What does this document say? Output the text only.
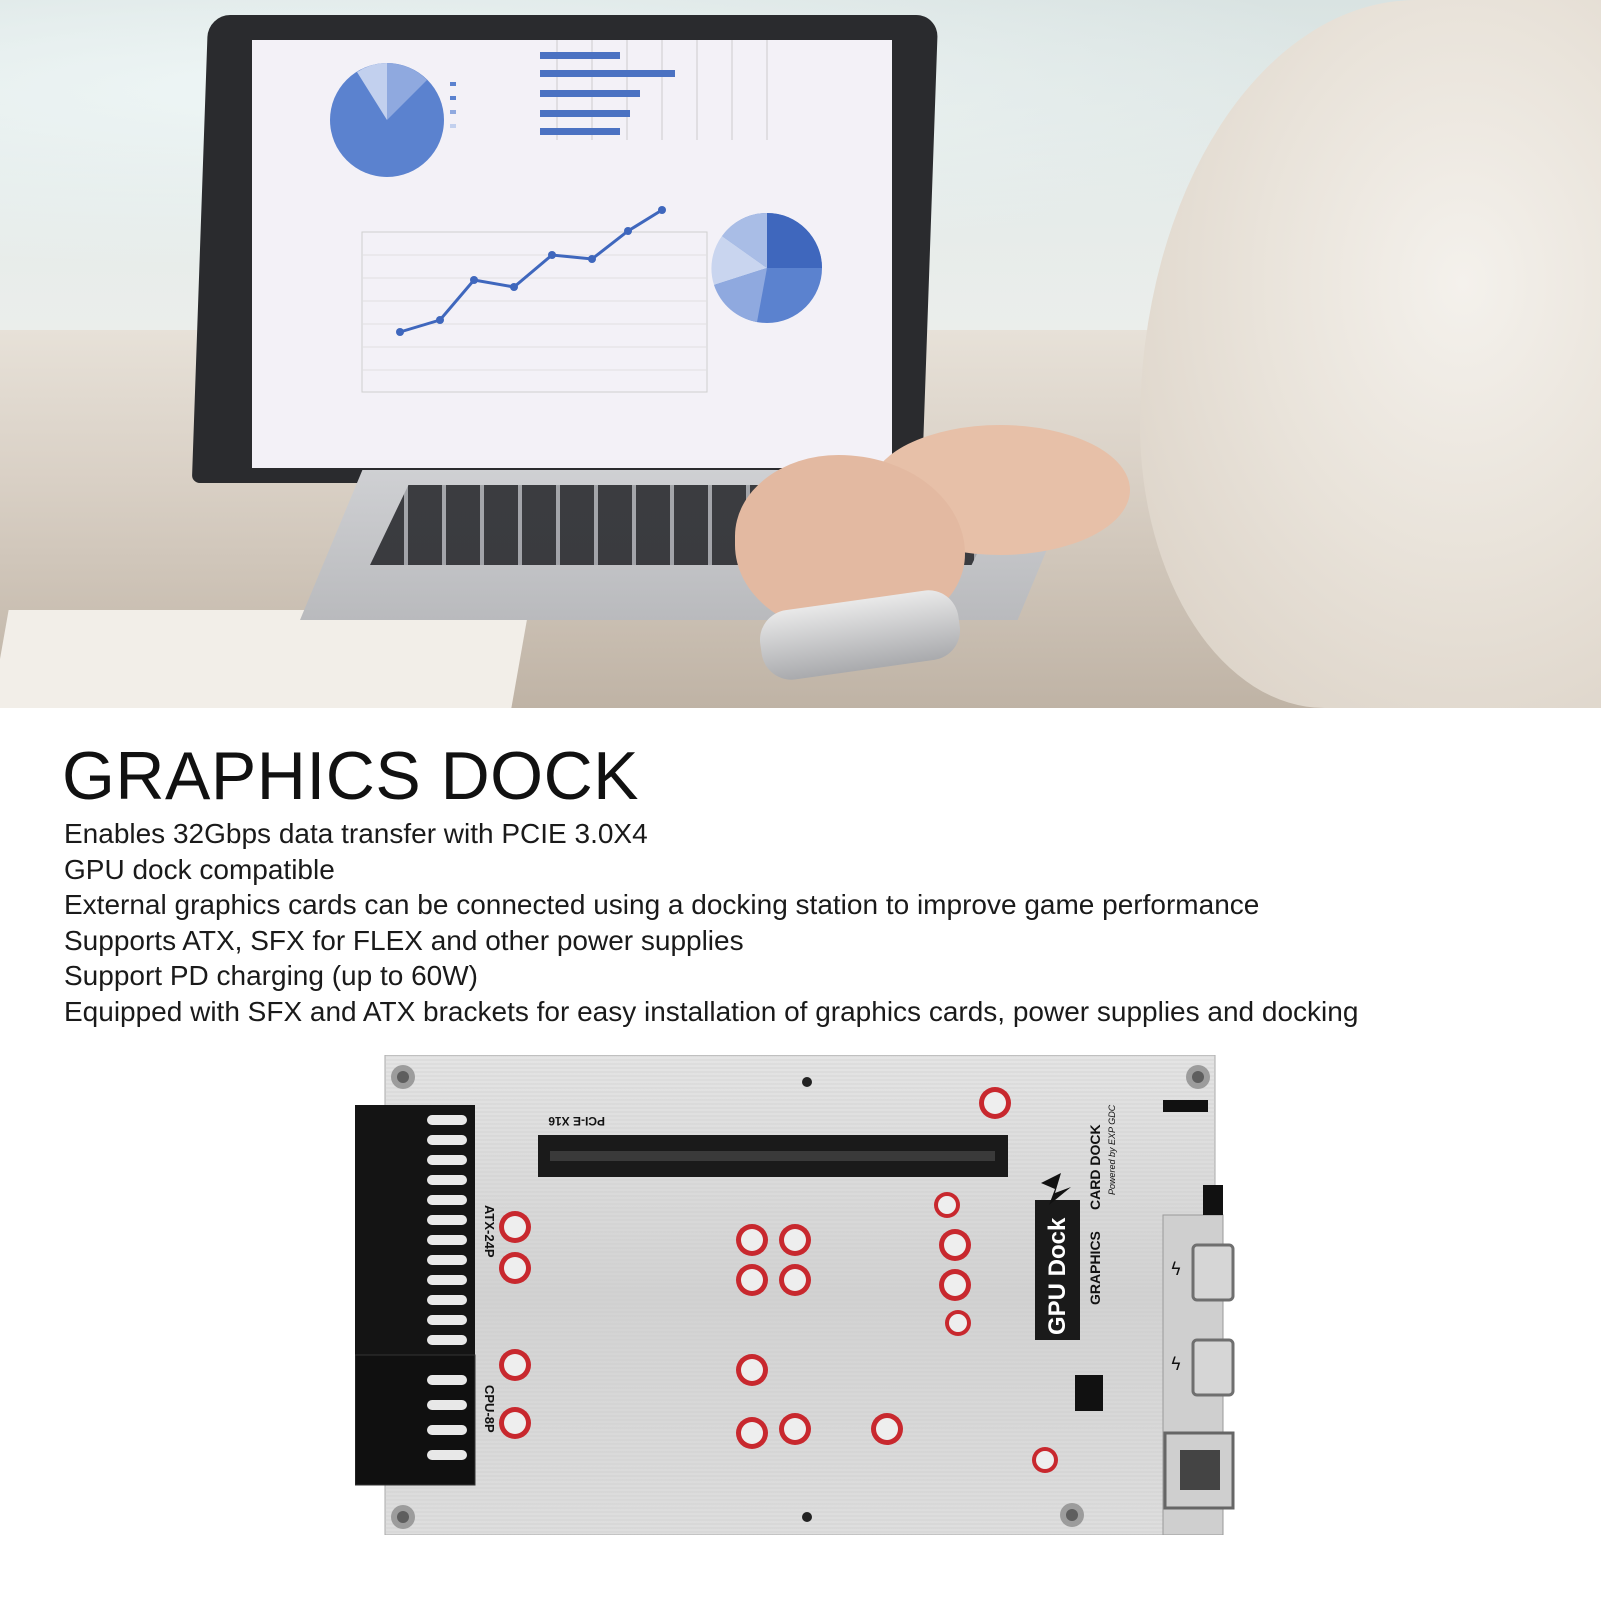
GRAPHICS DOCK
Enables 32Gbps data transfer with PCIE 3.0X4
GPU dock compatible
External graphics cards can be connected using a docking station to improve game performance
Supports ATX, SFX for FLEX and other power supplies
Support PD charging (up to 60W)
Equipped with SFX and ATX brackets for easy installation of graphics cards, power supplies and docking
PCI-E X16
ATX-24P
CPU-8P
GPU Dock GRAPHICS
CARD DOCK Powered by EXP GDC
ϟ
ϟ
